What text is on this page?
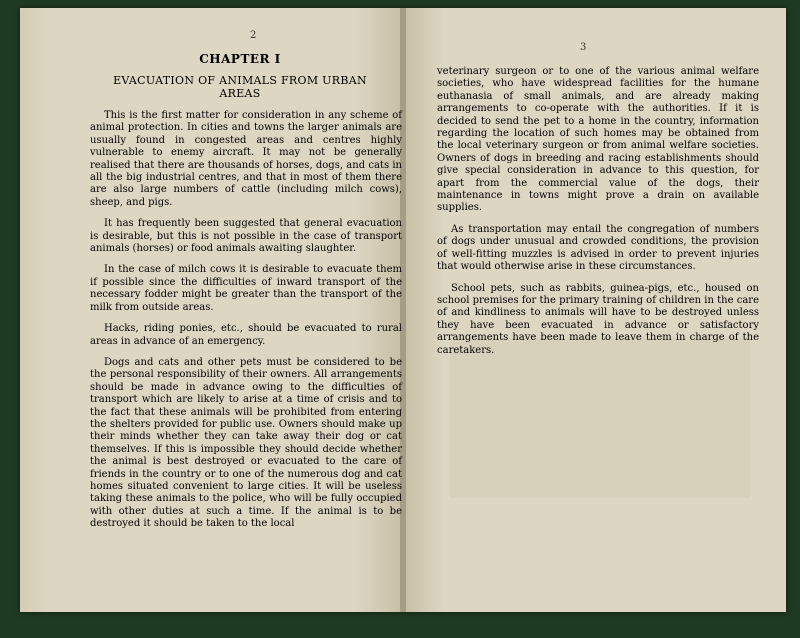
2
CHAPTER I
EVACUATION OF ANIMALS FROM URBAN AREAS

This is the first matter for consideration in any scheme of animal protection. In cities and towns the larger animals are usually found in congested areas and centres highly vulnerable to enemy aircraft. It may not be generally realised that there are thousands of horses, dogs, and cats in all the big industrial centres, and that in most of them there are also large numbers of cattle (including milch cows), sheep, and pigs.

It has frequently been suggested that general evacuation is desirable, but this is not possible in the case of transport animals (horses) or food animals awaiting slaughter.

In the case of milch cows it is desirable to evacuate them if possible since the difficulties of inward transport of the necessary fodder might be greater than the transport of the milk from outside areas.

Hacks, riding ponies, etc., should be evacuated to rural areas in advance of an emergency.

Dogs and cats and other pets must be considered to be the personal responsibility of their owners. All arrangements should be made in advance owing to the difficulties of transport which are likely to arise at a time of crisis and to the fact that these animals will be prohibited from entering the shelters provided for public use. Owners should make up their minds whether they can take away their dog or cat themselves. If this is impossible they should decide whether the animal is best destroyed or evacuated to the care of friends in the country or to one of the numerous dog and cat homes situated convenient to large cities. It will be useless taking these animals to the police, who will be fully occupied with other duties at such a time. If the animal is to be destroyed it should be taken to the local

3

veterinary surgeon or to one of the various animal welfare societies, who have widespread facilities for the humane euthanasia of small animals, and are already making arrangements to co-operate with the authorities. If it is decided to send the pet to a home in the country, information regarding the location of such homes may be obtained from the local veterinary surgeon or from animal welfare societies. Owners of dogs in breeding and racing establishments should give special consideration in advance to this question, for apart from the commercial value of the dogs, their maintenance in towns might prove a drain on available supplies.

As transportation may entail the congregation of numbers of dogs under unusual and crowded conditions, the provision of well-fitting muzzles is advised in order to prevent injuries that would otherwise arise in these circumstances.

School pets, such as rabbits, guinea-pigs, etc., housed on school premises for the primary training of children in the care of and kindliness to animals will have to be destroyed unless they have been evacuated in advance or satisfactory arrangements have been made to leave them in charge of the caretakers.
